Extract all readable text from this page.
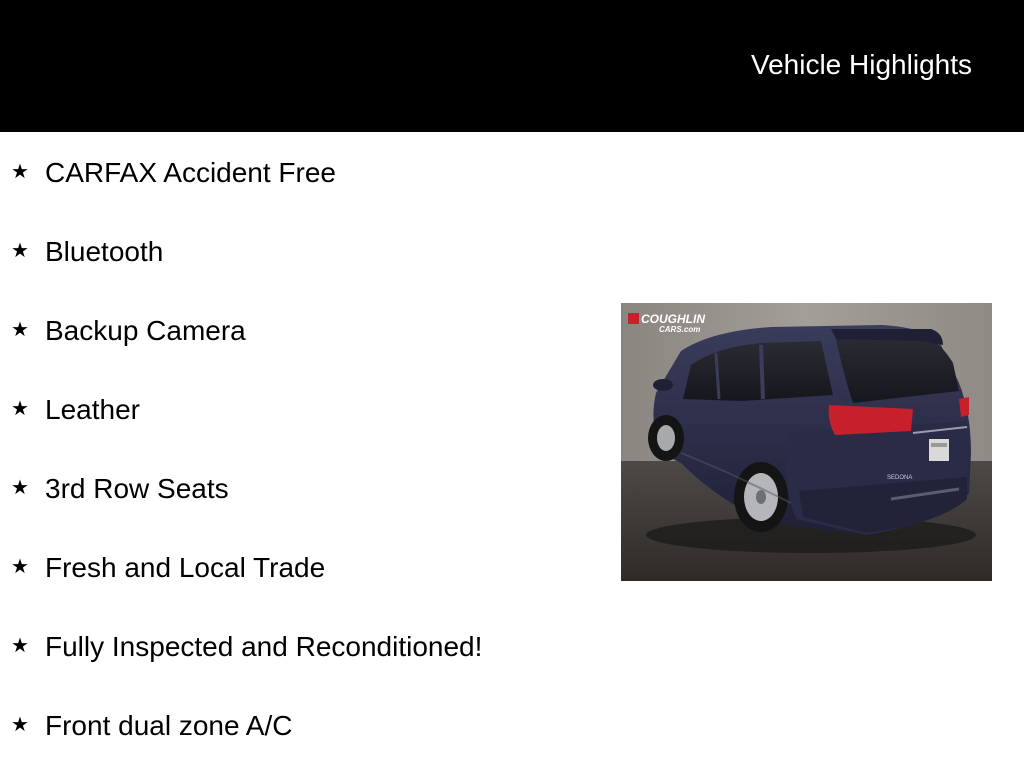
Vehicle Highlights
★ CARFAX Accident Free
★ Bluetooth
★ Backup Camera
★ Leather
★ 3rd Row Seats
★ Fresh and Local Trade
★ Fully Inspected and Reconditioned!
★ Front dual zone A/C
COUGHLIN
CARS.com
SEDONA
